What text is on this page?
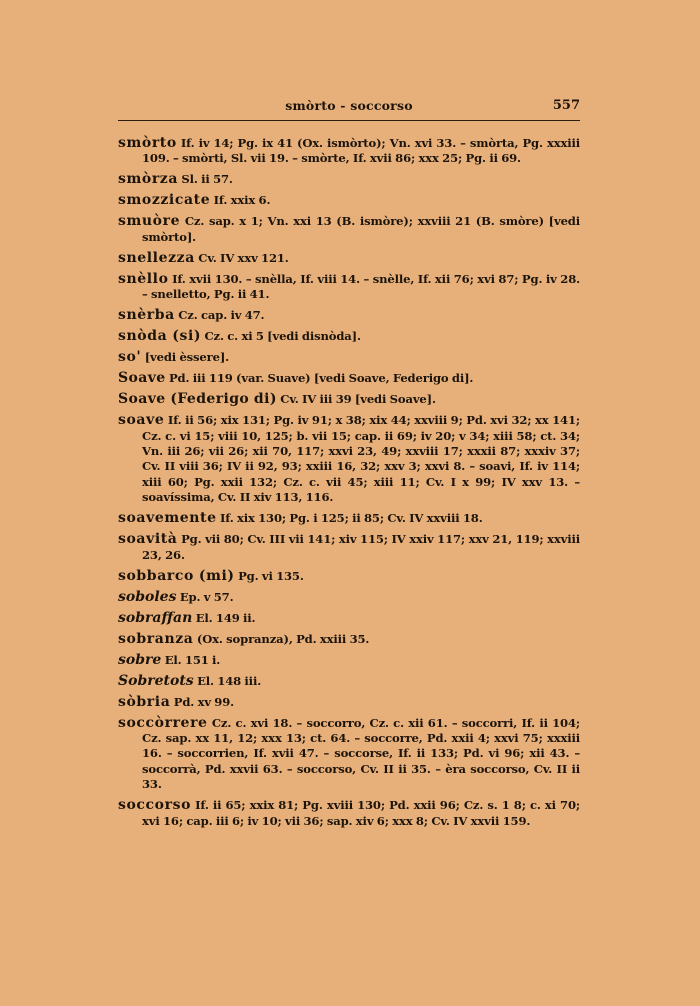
smòrto - soccorso	557

smòrto If. iv 14; Pg. ix 41 (Ox. ismòrto); Vn. xvi 33. – smòrta, Pg. xxxiii 109. – smòrti, Sl. vii 19. – smòrte, If. xvii 86; xxx 25; Pg. ii 69.

smòrza Sl. ii 57.

smozzicate If. xxix 6.

smuòre Cz. sap. x 1; Vn. xxi 13 (B. ismòre); xxviii 21 (B. smòre) [vedi smòrto].

snellezza Cv. IV xxv 121.

snèllo If. xvii 130. – snèlla, If. viii 14. – snèlle, If. xii 76; xvi 87; Pg. iv 28. – snelletto, Pg. ii 41.

snèrba Cz. cap. iv 47.

snòda (si) Cz. c. xi 5 [vedi disnòda].

so' [vedi èssere].

Soave Pd. iii 119 (var. Suave) [vedi Soave, Federigo di].

Soave (Federigo di) Cv. IV iii 39 [vedi Soave].

soave If. ii 56; xix 131; Pg. iv 91; x 38; xix 44; xxviii 9; Pd. xvi 32; xx 141; Cz. c. vi 15; viii 10, 125; b. vii 15; cap. ii 69; iv 20; v 34; xiii 58; ct. 34; Vn. iii 26; vii 26; xii 70, 117; xxvi 23, 49; xxviii 17; xxxii 87; xxxiv 37; Cv. II viii 36; IV ii 92, 93; xxiii 16, 32; xxv 3; xxvi 8. – soavi, If. iv 114; xiii 60; Pg. xxii 132; Cz. c. vii 45; xiii 11; Cv. I x 99; IV xxv 13. – soavíssima, Cv. II xiv 113, 116.

soavemente If. xix 130; Pg. i 125; ii 85; Cv. IV xxviii 18.

soavità Pg. vii 80; Cv. III vii 141; xiv 115; IV xxiv 117; xxv 21, 119; xxviii 23, 26.

sobbarco (mi) Pg. vi 135.

soboles Ep. v 57.

sobraffan El. 149 ii.

sobranza (Ox. sopranza), Pd. xxiii 35.

sobre El. 151 i.

Sobretots El. 148 iii.

sòbria Pd. xv 99.

soccòrrere Cz. c. xvi 18. – soccorro, Cz. c. xii 61. – soccorri, If. ii 104; Cz. sap. xx 11, 12; xxx 13; ct. 64. – soccorre, Pd. xxii 4; xxvi 75; xxxiii 16. – soccorrien, If. xvii 47. – soccorse, If. ii 133; Pd. vi 96; xii 43. – soccorrà, Pd. xxvii 63. – soccorso, Cv. II ii 35. – èra soccorso, Cv. II ii 33.

soccorso If. ii 65; xxix 81; Pg. xviii 130; Pd. xxii 96; Cz. s. 1 8; c. xi 70; xvi 16; cap. iii 6; iv 10; vii 36; sap. xiv 6; xxx 8; Cv. IV xxvii 159.
